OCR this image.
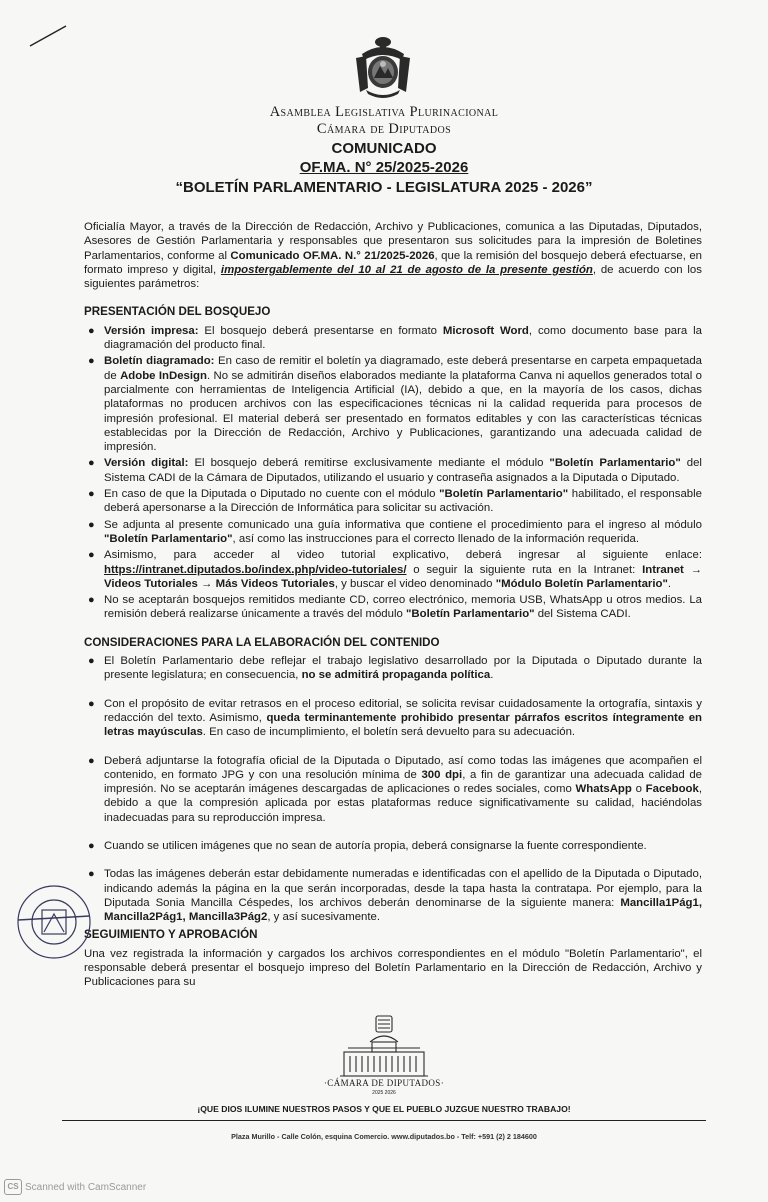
Asamblea Legislativa Plurinacional
Cámara de Diputados
COMUNICADO
OF.MA. N° 25/2025-2026
“BOLETÍN PARLAMENTARIO - LEGISLATURA 2025 - 2026”

Oficialía Mayor, a través de la Dirección de Redacción, Archivo y Publicaciones, comunica a las Diputadas, Diputados, Asesores de Gestión Parlamentaria y responsables que presentaron sus solicitudes para la impresión de Boletines Parlamentarios, conforme al Comunicado OF.MA. N.° 21/2025-2026, que la remisión del bosquejo deberá efectuarse, en formato impreso y digital, impostergablemente del 10 al 21 de agosto de la presente gestión, de acuerdo con los siguientes parámetros:

PRESENTACIÓN DEL BOSQUEJO
● Versión impresa: El bosquejo deberá presentarse en formato Microsoft Word, como documento base para la diagramación del producto final.
● Boletín diagramado: En caso de remitir el boletín ya diagramado, este deberá presentarse en carpeta empaquetada de Adobe InDesign. No se admitirán diseños elaborados mediante la plataforma Canva ni aquellos generados total o parcialmente con herramientas de Inteligencia Artificial (IA), debido a que, en la mayoría de los casos, dichas plataformas no producen archivos con las especificaciones técnicas ni la calidad requerida para procesos de impresión profesional. El material deberá ser presentado en formatos editables y con las características técnicas establecidas por la Dirección de Redacción, Archivo y Publicaciones, garantizando una adecuada calidad de impresión.
● Versión digital: El bosquejo deberá remitirse exclusivamente mediante el módulo "Boletín Parlamentario" del Sistema CADI de la Cámara de Diputados, utilizando el usuario y contraseña asignados a la Diputada o Diputado.
● En caso de que la Diputada o Diputado no cuente con el módulo "Boletín Parlamentario" habilitado, el responsable deberá apersonarse a la Dirección de Informática para solicitar su activación.
● Se adjunta al presente comunicado una guía informativa que contiene el procedimiento para el ingreso al módulo "Boletín Parlamentario", así como las instrucciones para el correcto llenado de la información requerida.
● Asimismo, para acceder al video tutorial explicativo, deberá ingresar al siguiente enlace: https://intranet.diputados.bo/index.php/video-tutoriales/ o seguir la siguiente ruta en la Intranet: Intranet → Videos Tutoriales → Más Videos Tutoriales, y buscar el video denominado "Módulo Boletín Parlamentario".
● No se aceptarán bosquejos remitidos mediante CD, correo electrónico, memoria USB, WhatsApp u otros medios. La remisión deberá realizarse únicamente a través del módulo "Boletín Parlamentario" del Sistema CADI.
CONSIDERACIONES PARA LA ELABORACIÓN DEL CONTENIDO
● El Boletín Parlamentario debe reflejar el trabajo legislativo desarrollado por la Diputada o Diputado durante la presente legislatura; en consecuencia, no se admitirá propaganda política.
● Con el propósito de evitar retrasos en el proceso editorial, se solicita revisar cuidadosamente la ortografía, sintaxis y redacción del texto. Asimismo, queda terminantemente prohibido presentar párrafos escritos íntegramente en letras mayúsculas. En caso de incumplimiento, el boletín será devuelto para su adecuación.
● Deberá adjuntarse la fotografía oficial de la Diputada o Diputado, así como todas las imágenes que acompañen el contenido, en formato JPG y con una resolución mínima de 300 dpi, a fin de garantizar una adecuada calidad de impresión. No se aceptarán imágenes descargadas de aplicaciones o redes sociales, como WhatsApp o Facebook, debido a que la compresión aplicada por estas plataformas reduce significativamente su calidad, haciéndolas inadecuadas para su reproducción impresa.
● Cuando se utilicen imágenes que no sean de autoría propia, deberá consignarse la fuente correspondiente.
● Todas las imágenes deberán estar debidamente numeradas e identificadas con el apellido de la Diputada o Diputado, indicando además la página en la que serán incorporadas, desde la tapa hasta la contratapa. Por ejemplo, para la Diputada Sonia Mancilla Céspedes, los archivos deberán denominarse de la siguiente manera: Mancilla1Pág1, Mancilla2Pág1, Mancilla3Pág2, y así sucesivamente.
SEGUIMIENTO Y APROBACIÓN

Una vez registrada la información y cargados los archivos correspondientes en el módulo "Boletín Parlamentario", el responsable deberá presentar el bosquejo impreso del Boletín Parlamentario en la Dirección de Redacción, Archivo y Publicaciones para su

·CÁMARA DE DIPUTADOS·
2025 2026
¡QUE DIOS ILUMINE NUESTROS PASOS Y QUE EL PUEBLO JUZGUE NUESTRO TRABAJO!
Plaza Murillo - Calle Colón, esquina Comercio. www.diputados.bo - Telf: +591 (2) 2 184600
CS Scanned with CamScanner
